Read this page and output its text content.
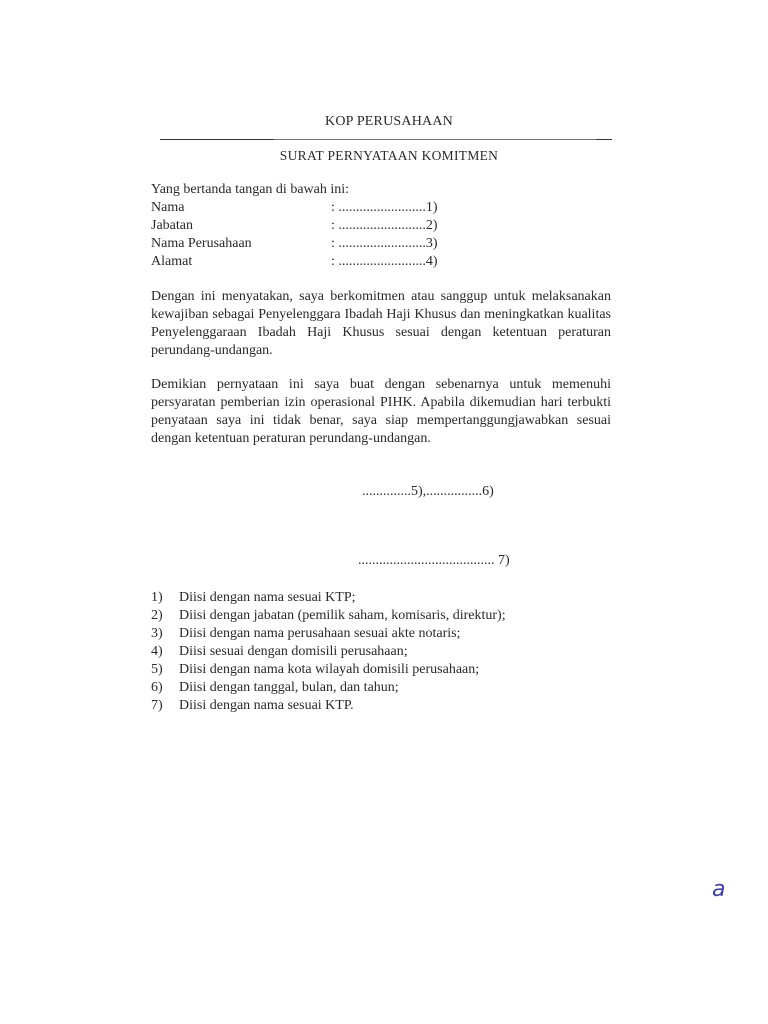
KOP PERUSAHAAN
SURAT PERNYATAAN KOMITMEN
Yang bertanda tangan di bawah ini:
Nama	: .........................1)
Jabatan	: .........................2)
Nama Perusahaan	: .........................3)
Alamat	: .........................4)
Dengan ini menyatakan, saya berkomitmen atau sanggup untuk melaksanakan kewajiban sebagai Penyelenggara Ibadah Haji Khusus dan meningkatkan kualitas Penyelenggaraan Ibadah Haji Khusus sesuai dengan ketentuan peraturan perundang-undangan.
Demikian pernyataan ini saya buat dengan sebenarnya untuk memenuhi persyaratan pemberian izin operasional PIHK. Apabila dikemudian hari terbukti penyataan saya ini tidak benar, saya siap mempertanggungjawabkan sesuai dengan ketentuan peraturan perundang-undangan.
..............5),................6)
....................................... 7)
1) Diisi dengan nama sesuai KTP;
2) Diisi dengan jabatan (pemilik saham, komisaris, direktur);
3) Diisi dengan nama perusahaan sesuai akte notaris;
4) Diisi sesuai dengan domisili perusahaan;
5) Diisi dengan nama kota wilayah domisili perusahaan;
6) Diisi dengan tanggal, bulan, dan tahun;
7) Diisi dengan nama sesuai KTP.
a
